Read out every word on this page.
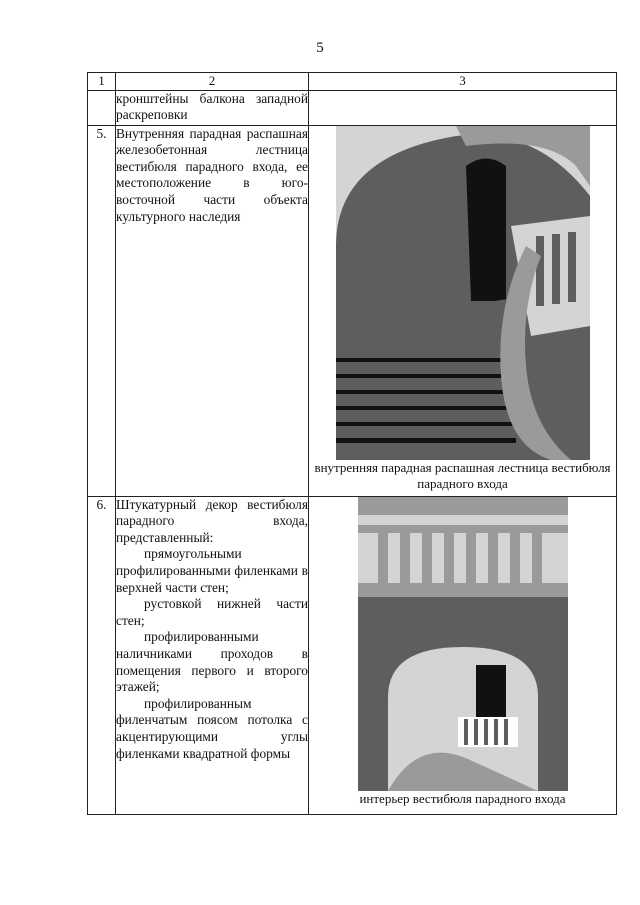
5
1	2	3

	кронштейны балкона западной раскреповки	

5.	Внутренняя парадная распашная железобетонная лестница вестибюля парадного входа, ее местоположение в юго-восточной части объекта культурного наследия	внутренняя парадная распашная лестница вестибюля парадного входа

6.	Штукатурный декор вестибюля парадного входа, представленный:

прямоугольными профилированными филенками в верхней части стен;

рустовкой нижней части стен;

профилированными наличниками проходов в помещения первого и второго этажей;

профилированным филенчатым поясом потолка с акцентирующими углы филенками квадратной формы	интерьер вестибюля парадного входа
